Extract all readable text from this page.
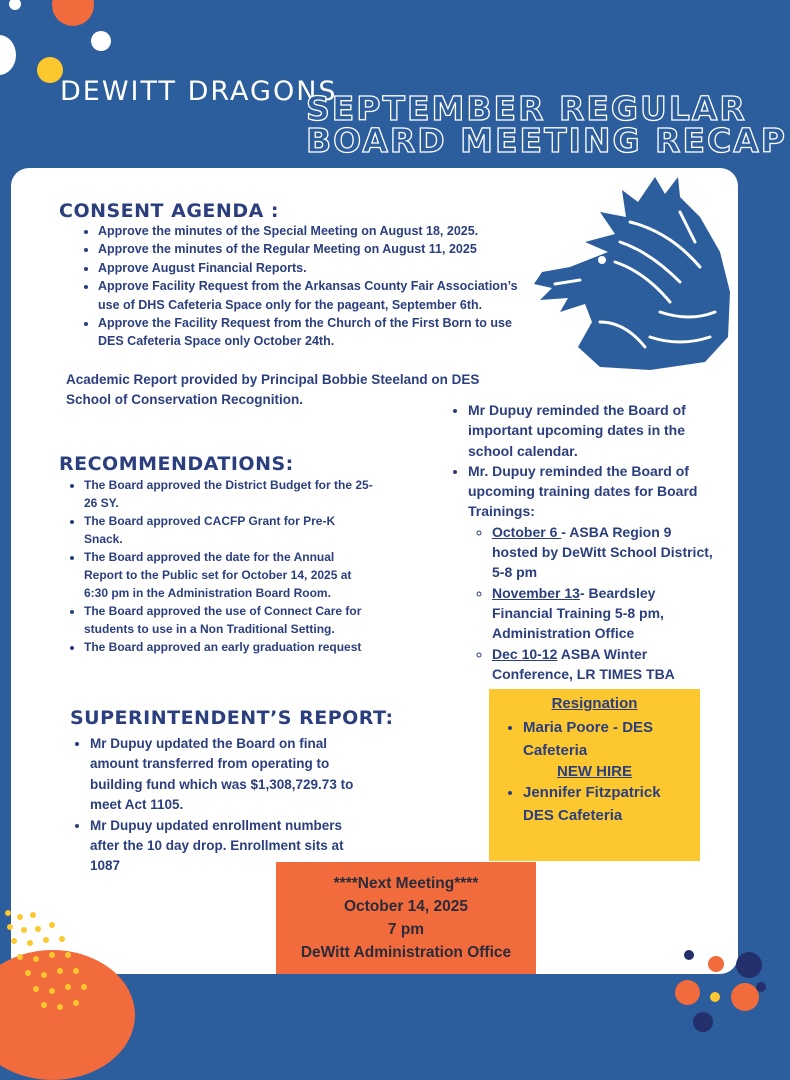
DEWITT DRAGONS
SEPTEMBER REGULAR
BOARD MEETING RECAP
CONSENT AGENDA :
• Approve the minutes of the Special Meeting on August 18, 2025.
• Approve the minutes of the Regular Meeting on August 11, 2025
• Approve August Financial Reports.
• Approve Facility Request from the Arkansas County Fair Association’s use of DHS Cafeteria Space only for the pageant, September 6th.
• Approve the Facility Request from the Church of the First Born to use DES Cafeteria Space only October 24th.
Academic Report provided by Principal Bobbie Steeland on DES School of Conservation Recognition.
RECOMMENDATIONS:
• The Board approved the District Budget for the 25-26 SY.
• The Board approved CACFP Grant for Pre-K Snack.
• The Board approved the date for the Annual Report to the Public set for October 14, 2025 at 6:30 pm in the Administration Board Room.
• The Board approved the use of Connect Care for students to use in a Non Traditional Setting.
• The Board approved an early graduation request
• Mr Dupuy reminded the Board of important upcoming dates in the school calendar.
• Mr. Dupuy reminded the Board of upcoming training dates for Board Trainings:
◦ October 6 - ASBA Region 9 hosted by DeWitt School District, 5-8 pm
◦ November 13- Beardsley Financial Training 5-8 pm, Administration Office
◦ Dec 10-12 ASBA Winter Conference, LR TIMES TBA
SUPERINTENDENT’S REPORT:
• Mr Dupuy updated the Board on final amount transferred from operating to building fund which was $1,308,729.73 to meet Act 1105.
• Mr Dupuy updated enrollment numbers after the 10 day drop. Enrollment sits at 1087
Resignation
• Maria Poore - DES Cafeteria
NEW HIRE
• Jennifer Fitzpatrick DES Cafeteria
****Next Meeting****
October 14, 2025
7 pm
DeWitt Administration Office
